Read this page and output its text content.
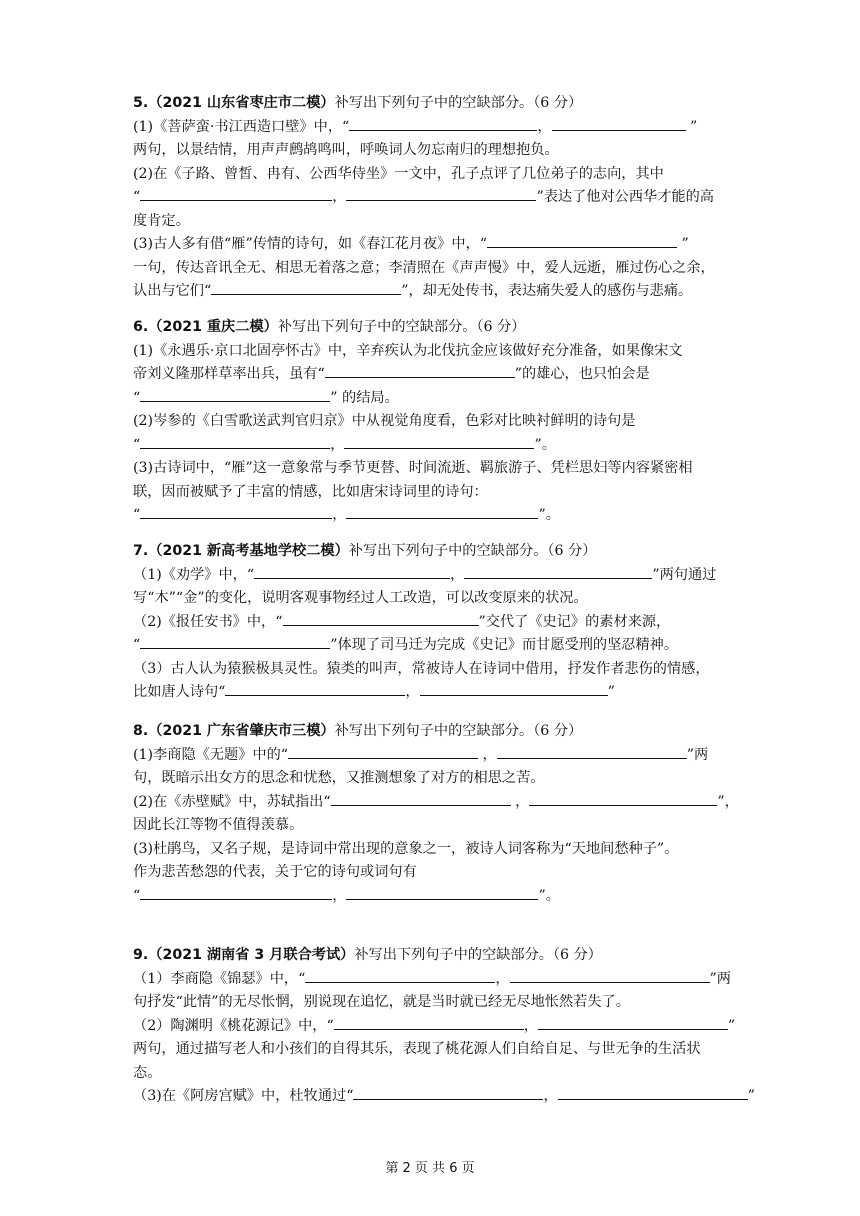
5.（2021 山东省枣庄市二模）补写出下列句子中的空缺部分。（6 分）
(1)《菩萨蛮·书江西造口壁》中，“	，	”
两句，以景结情，用声声鹧鸪鸣叫，呼唤词人勿忘南归的理想抱负。
(2)在《子路、曾皙、冉有、公西华侍坐》一文中，孔子点评了几位弟子的志向，其中
“	，	”表达了他对公西华才能的高
度肯定。
(3)古人多有借“雁”传情的诗句，如《春江花月夜》中，“	”
一句，传达音讯全无、相思无着落之意；李清照在《声声慢》中，爱人远逝，雁过伤心之余，
认出与它们“	”，却无处传书，表达痛失爱人的感伤与悲痛。
6.（2021 重庆二模）补写出下列句子中的空缺部分。（6 分）
(1)《永遇乐·京口北固亭怀古》中，辛弃疾认为北伐抗金应该做好充分准备，如果像宋文
帝刘义隆那样草率出兵，虽有“	”的雄心，也只怕会是
“	” 的结局。
(2)岑参的《白雪歌送武判官归京》中从视觉角度看，色彩对比映衬鲜明的诗句是
“	，	”。
(3)古诗词中，“雁”这一意象常与季节更替、时间流逝、羁旅游子、凭栏思妇等内容紧密相
联，因而被赋予了丰富的情感，比如唐宋诗词里的诗句：
“	，	”。
7.（2021 新高考基地学校二模）补写出下列句子中的空缺部分。（6 分）
（1)《劝学》中，“	，	”两句通过
写“木”“金”的变化，说明客观事物经过人工改造，可以改变原来的状况。
（2)《报任安书》中，“	”交代了《史记》的素材来源，
“	”体现了司马迁为完成《史记》而甘愿受刑的坚忍精神。
（3）古人认为猿猴极具灵性。猿类的叫声，常被诗人在诗词中借用，抒发作者悲伤的情感，
比如唐人诗句“	，	”
8.（2021 广东省肇庆市三模）补写出下列句子中的空缺部分。（6 分）
(1)李商隐《无题》中的“	，	”两
句，既暗示出女方的思念和忧愁，又推测想象了对方的相思之苦。
(2)在《赤壁赋》中，苏轼指出“	，	”，
因此长江等物不值得羡慕。
(3)杜鹃鸟，又名子规，是诗词中常出现的意象之一，被诗人词客称为“天地间愁种子”。
作为悲苦愁怨的代表，关于它的诗句或词句有
“	，	”。
9.（2021 湖南省 3 月联合考试）补写出下列句子中的空缺部分。（6 分）
（1）李商隐《锦瑟》中，“	，	”两
句抒发“此情”的无尽怅惘，别说现在追忆，就是当时就已经无尽地怅然若失了。
（2）陶渊明《桃花源记》中，“	，	”
两句，通过描写老人和小孩们的自得其乐，表现了桃花源人们自给自足、与世无争的生活状
态。
（3)在《阿房宫赋》中，杜牧通过“	，	”
第 2 页 共 6 页
